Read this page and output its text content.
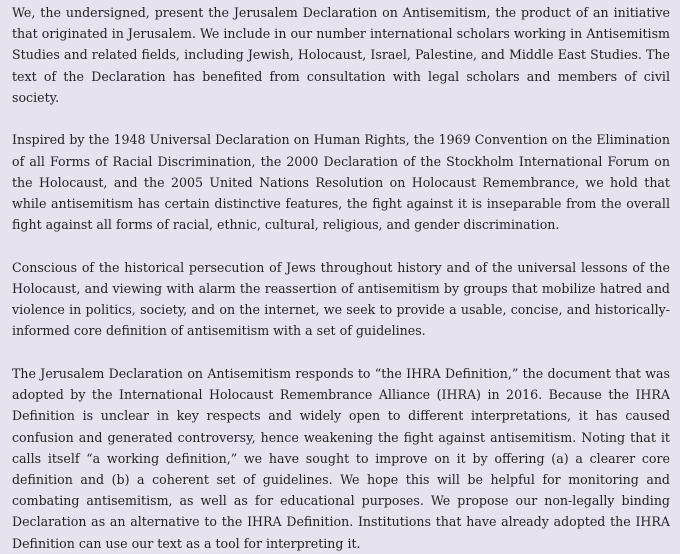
We, the undersigned, present the Jerusalem Declaration on Antisemitism, the product of an initiative that originated in Jerusalem. We include in our number international scholars working in Antisemitism Studies and related fields, including Jewish, Holocaust, Israel, Palestine, and Middle East Studies. The text of the Declaration has benefited from consultation with legal scholars and members of civil society.

Inspired by the 1948 Universal Declaration on Human Rights, the 1969 Convention on the Elimination of all Forms of Racial Discrimination, the 2000 Declaration of the Stockholm International Forum on the Holocaust, and the 2005 United Nations Resolution on Holocaust Remembrance, we hold that while antisemitism has certain distinctive features, the fight against it is inseparable from the overall fight against all forms of racial, ethnic, cultural, religious, and gender discrimination.

Conscious of the historical persecution of Jews throughout history and of the universal lessons of the Holocaust, and viewing with alarm the reassertion of antisemitism by groups that mobilize hatred and violence in politics, society, and on the internet, we seek to provide a usable, concise, and historically-informed core definition of antisemitism with a set of guidelines.

The Jerusalem Declaration on Antisemitism responds to “the IHRA Definition,” the document that was adopted by the International Holocaust Remembrance Alliance (IHRA) in 2016. Because the IHRA Definition is unclear in key respects and widely open to different interpretations, it has caused confusion and generated controversy, hence weakening the fight against antisemitism. Noting that it calls itself “a working definition,” we have sought to improve on it by offering (a) a clearer core definition and (b) a coherent set of guidelines. We hope this will be helpful for monitoring and combating antisemitism, as well as for educational purposes. We propose our non-legally binding Declaration as an alternative to the IHRA Definition. Institutions that have already adopted the IHRA Definition can use our text as a tool for interpreting it.
